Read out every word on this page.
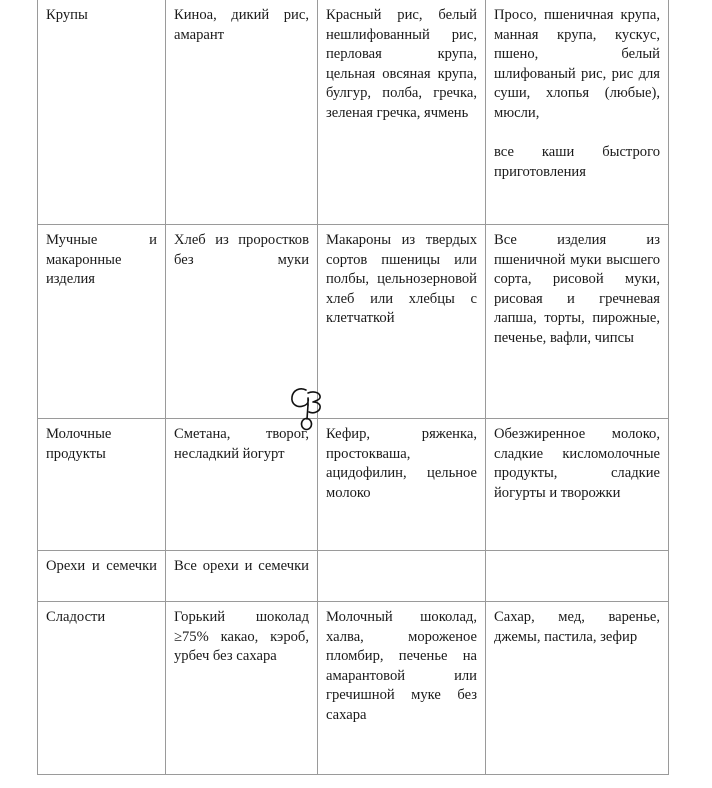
Крупы	Киноа, дикий рис, амарант	Красный рис, белый нешлифованный рис, перловая крупа, цельная овсяная крупа, булгур, полба, гречка, зеленая гречка, ячмень	Просо, пшеничная крупа, манная крупа, кускус, пшено, белый шлифованый рис, рис для суши, хлопья (любые), мюсли,

все каши быстрого приготовления

Мучные и макаронные изделия	Хлеб из проростков без муки	Макароны из твердых сортов пшеницы или полбы, цельнозерновой хлеб или хлебцы с клетчаткой	Все изделия из пшеничной муки высшего сорта, рисовой муки, рисовая и гречневая лапша, торты, пирожные, печенье, вафли, чипсы

Молочные продукты	Сметана, творог, несладкий йогурт	Кефир, ряженка, простокваша, ацидофилин, цельное молоко	Обезжиренное молоко, сладкие кисломолочные продукты, сладкие йогурты и творожки

Орехи и семечки	Все орехи и семечки		

Сладости	Горький шоколад ≥75% какао, кэроб, урбеч без сахара	Молочный шоколад, халва, мороженое пломбир, печенье на амарантовой или гречишной муке без сахара	Сахар, мед, варенье, джемы, пастила, зефир
